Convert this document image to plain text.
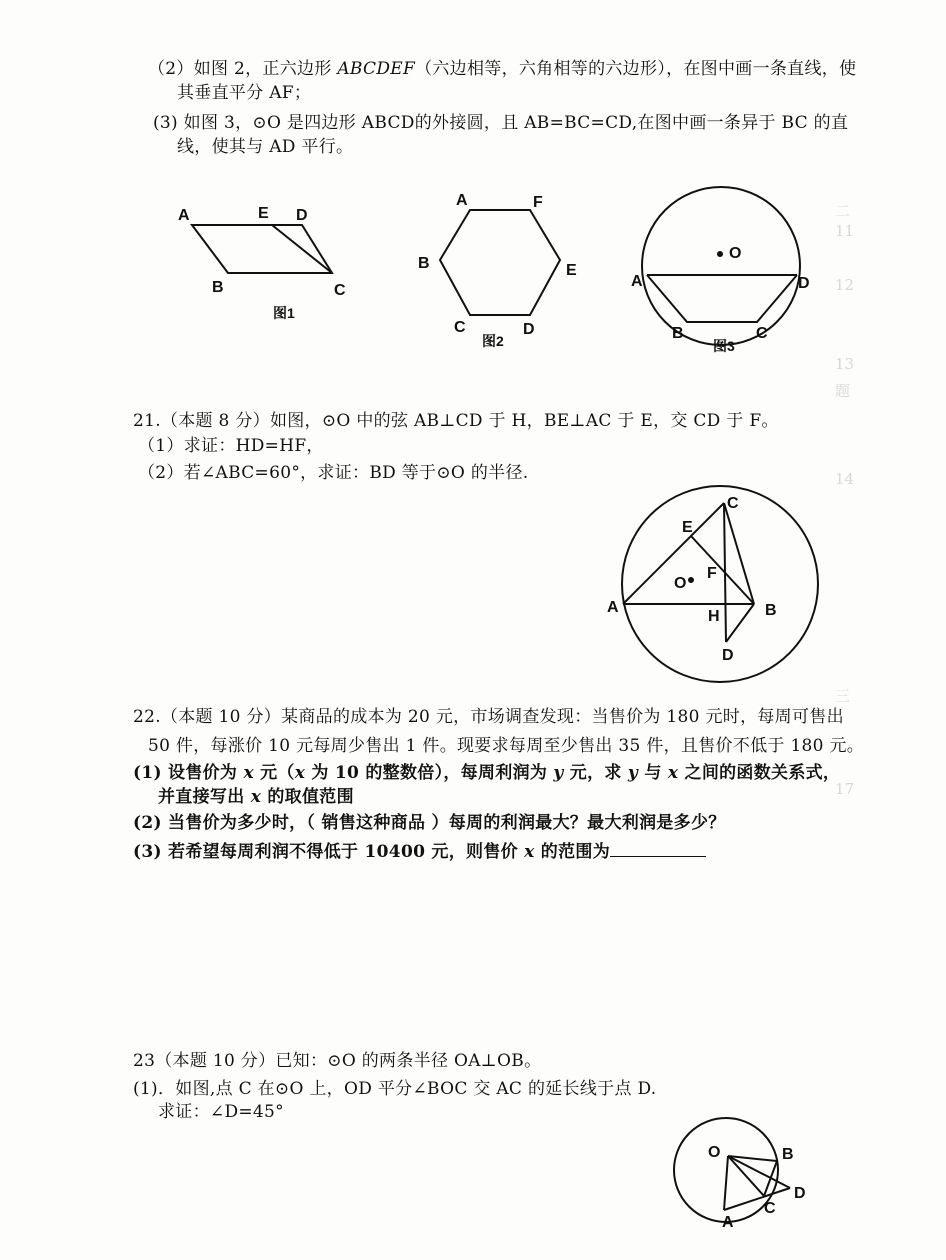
二
11
12
13
题
14
三
17
（2）如图 2，正六边形 ABCDEF（六边相等，六角相等的六边形），在图中画一条直线，使
其垂直平分 AF；
(3) 如图 3，⊙O 是四边形 ABCD的外接圆，且 AB=BC=CD,在图中画一条异于 BC 的直
线，使其与 AD 平行。
A	E D
B	C
图1
A	F
B	E
C	D
图2
O
A	D
B	C
图3
21.（本题 8 分）如图，⊙O 中的弦 AB⊥CD 于 H，BE⊥AC 于 E，交 CD 于 F。
（1）求证：HD=HF，
（2）若∠ABC=60°，求证：BD 等于⊙O 的半径.
C
E
O
F
A
H	B
D
22.（本题 10 分）某商品的成本为 20 元，市场调查发现：当售价为 180 元时，每周可售出
50 件，每涨价 10 元每周少售出 1 件。现要求每周至少售出 35 件，且售价不低于 180 元。
(1) 设售价为 x 元（x 为 10 的整数倍），每周利润为 y 元，求 y 与 x 之间的函数关系式，
并直接写出 x 的取值范围
(2) 当售价为多少时，（ 销售这种商品 ）每周的利润最大？最大利润是多少？
(3) 若希望每周利润不得低于 10400 元，则售价 x 的范围为
23（本题 10 分）已知：⊙O 的两条半径 OA⊥OB。
(1)．如图,点 C 在⊙O 上，OD 平分∠BOC 交 AC 的延长线于点 D.
求证：∠D=45°
O	B
D
C
A
